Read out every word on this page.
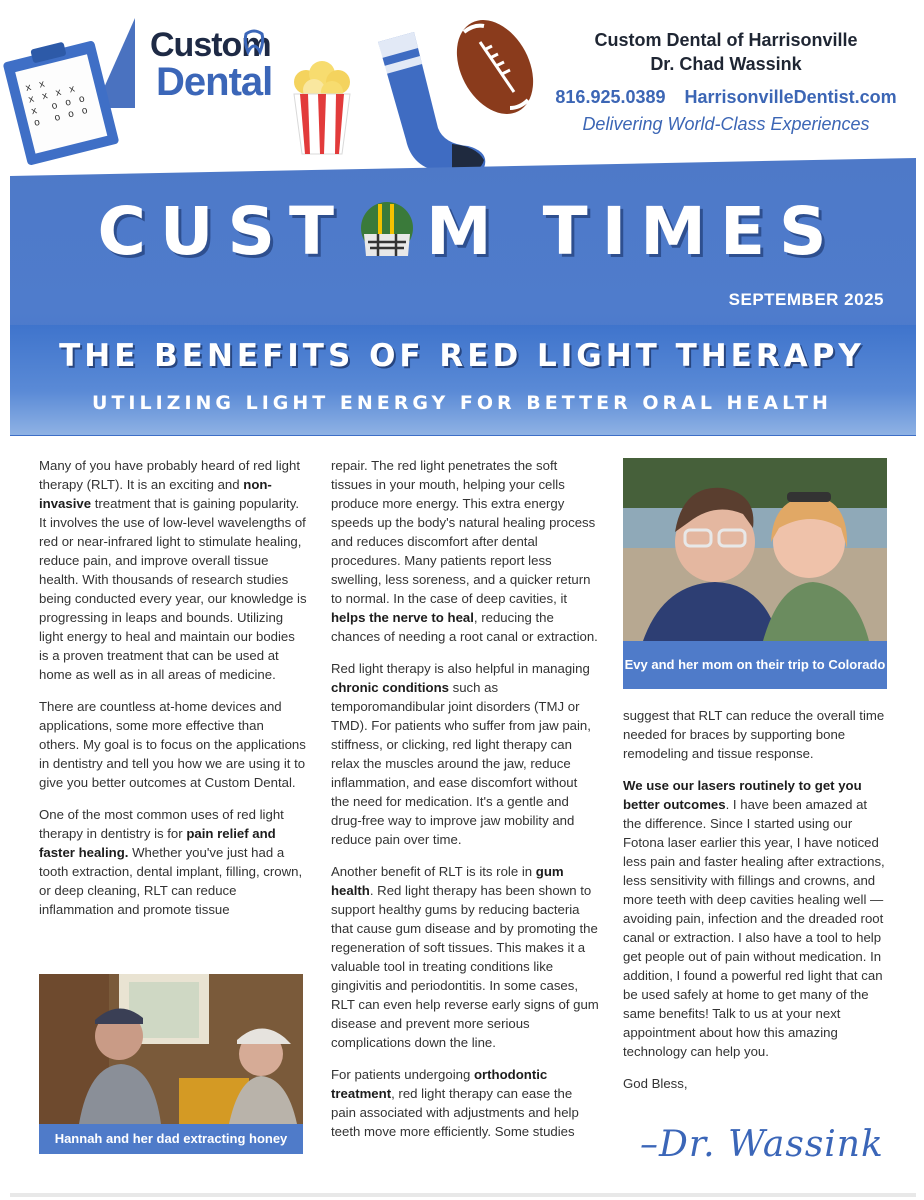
x x
x x x x
x  o o o
o  o o o
Custom
Dental
Custom Dental of Harrisonville
Dr. Chad Wassink
816.925.0389 HarrisonvilleDentist.com
Delivering World-Class Experiences
CUST M TIMES
SEPTEMBER 2025
THE BENEFITS OF RED LIGHT THERAPY
UTILIZING LIGHT ENERGY FOR BETTER ORAL HEALTH

Many of you have probably heard of red light therapy (RLT). It is an exciting and non-invasive treatment that is gaining popularity. It involves the use of low-level wavelengths of red or near-infrared light to stimulate healing, reduce pain, and improve overall tissue health. With thousands of research studies being conducted every year, our knowledge is progressing in leaps and bounds. Utilizing light energy to heal and maintain our bodies is a proven treatment that can be used at home as well as in all areas of medicine.

There are countless at-home devices and applications, some more effective than others. My goal is to focus on the applications in dentistry and tell you how we are using it to give you better outcomes at Custom Dental.

One of the most common uses of red light therapy in dentistry is for pain relief and faster healing. Whether you've just had a tooth extraction, dental implant, filling, crown, or deep cleaning, RLT can reduce inflammation and promote tissue

Hannah and her dad extracting honey

repair. The red light penetrates the soft tissues in your mouth, helping your cells produce more energy. This extra energy speeds up the body's natural healing process and reduces discomfort after dental procedures. Many patients report less swelling, less soreness, and a quicker return to normal. In the case of deep cavities, it helps the nerve to heal, reducing the chances of needing a root canal or extraction.

Red light therapy is also helpful in managing chronic conditions such as temporomandibular joint disorders (TMJ or TMD). For patients who suffer from jaw pain, stiffness, or clicking, red light therapy can relax the muscles around the jaw, reduce inflammation, and ease discomfort without the need for medication. It's a gentle and drug-free way to improve jaw mobility and reduce pain over time.

Another benefit of RLT is its role in gum health. Red light therapy has been shown to support healthy gums by reducing bacteria that cause gum disease and by promoting the regeneration of soft tissues. This makes it a valuable tool in treating conditions like gingivitis and periodontitis. In some cases, RLT can even help reverse early signs of gum disease and prevent more serious complications down the line.

For patients undergoing orthodontic treatment, red light therapy can ease the pain associated with adjustments and help teeth move more efficiently. Some studies

Evy and her mom on their trip to Colorado

suggest that RLT can reduce the overall time needed for braces by supporting bone remodeling and tissue response.

We use our lasers routinely to get you better outcomes. I have been amazed at the difference. Since I started using our Fotona laser earlier this year, I have noticed less pain and faster healing after extractions, less sensitivity with fillings and crowns, and more teeth with deep cavities healing well — avoiding pain, infection and the dreaded root canal or extraction. I also have a tool to help get people out of pain without medication. In addition, I found a powerful red light that can be used safely at home to get many of the same benefits! Talk to us at your next appointment about how this amazing technology can help you.

God Bless,

–Dr. Wassink
